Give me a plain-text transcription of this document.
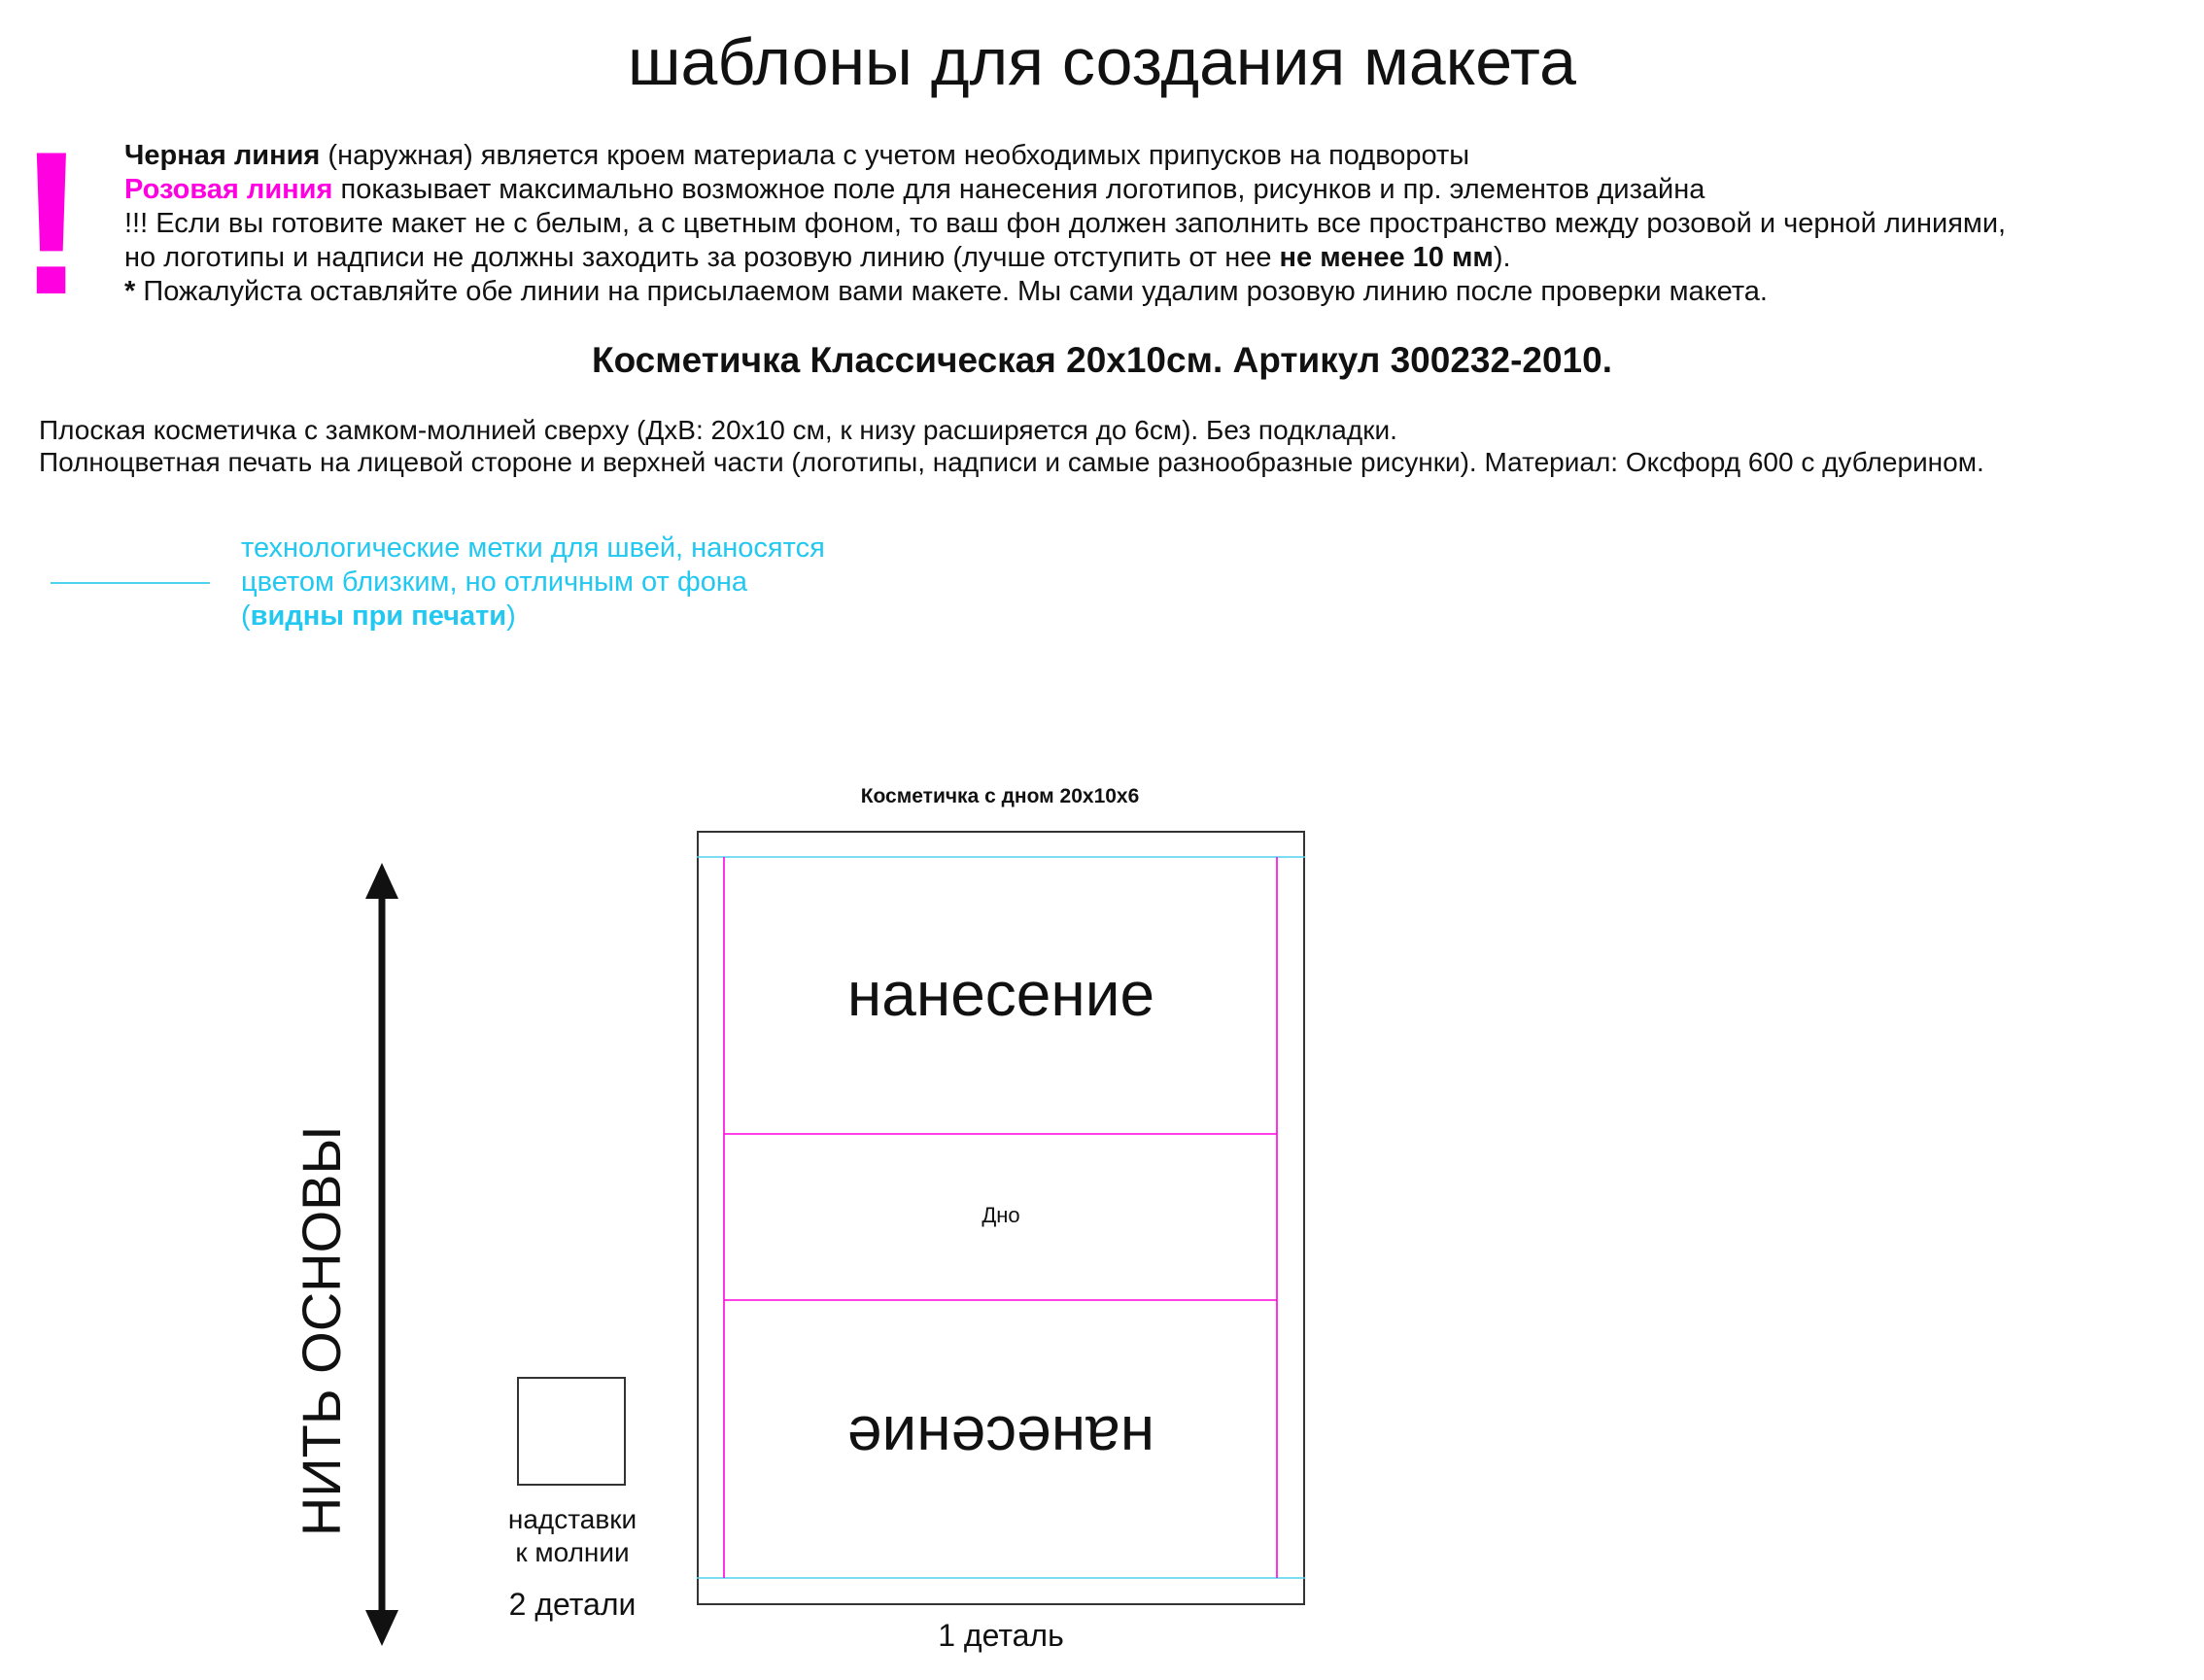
шаблоны для создания макета
! Черная линия (наружная) является кроем материала с учетом необходимых припусков на подвороты
Розовая линия показывает максимально возможное поле для нанесения логотипов, рисунков и пр. элементов дизайна
!!! Если вы готовите макет не с белым, а с цветным фоном, то ваш фон должен заполнить все пространство между розовой и черной линиями,
но логотипы и надписи не должны заходить за розовую линию (лучше отступить от нее не менее 10 мм).
* Пожалуйста оставляйте обе линии на присылаемом вами макете. Мы сами удалим розовую линию после проверки макета.
Косметичка Классическая 20х10см. Артикул 300232-2010.
Плоская косметичка с замком-молнией сверху (ДхВ: 20х10 см, к низу расширяется до 6см). Без подкладки.
Полноцветная печать на лицевой стороне и верхней части (логотипы, надписи и самые разнообразные рисунки). Материал: Оксфорд 600 с дублерином.
технологические метки для швей, наносятся
цветом близким, но отличным от фона
(видны при печати)
Косметичка с дном 20х10х6
нанесение
Дно
нанесение
1 деталь
надставки
к молнии
2 детали
НИТЬ ОСНОВЫ
